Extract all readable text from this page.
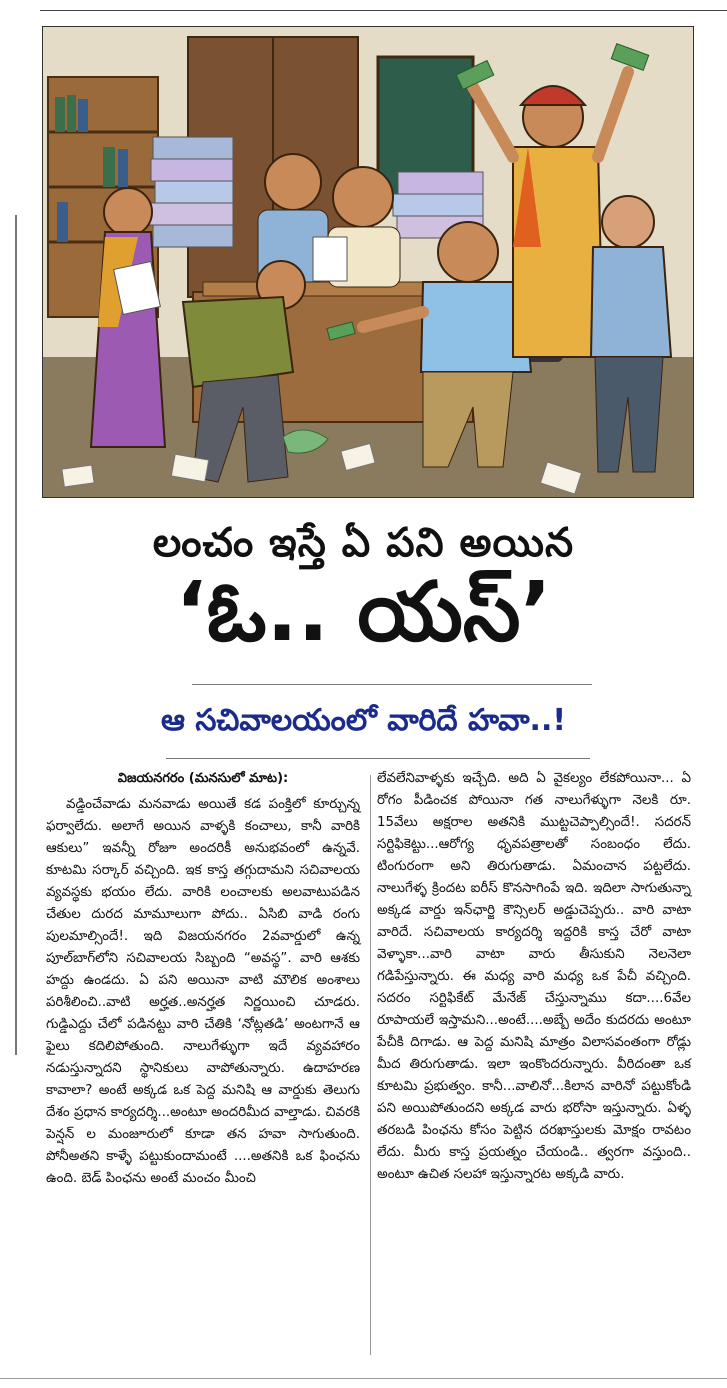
లంచం ఇస్తే ఏ పని అయిన
‘ఓ.. యస్’
ఆ సచివాలయంలో వారిదే హవా..!

విజయనగరం (మనసులో మాట):

వడ్డించేవాడు మనవాడు అయితే కడ పంక్తిలో కూర్చున్న ఫర్వాలేదు. అలాగే అయిన వాళ్ళకి కంచాలు, కానీ వారికి ఆకులు” ఇవన్నీ రోజూ అందరికీ అనుభవంలో ఉన్నవే. కూటమి సర్కార్ వచ్చింది. ఇక కాస్త తగ్గుదామని సచివాలయ వ్యవస్థకు భయం లేదు. వారికి లంచాలకు అలవాటుపడిన చేతుల దురద మామూలుగా పోదు.. ఏసిబి వాడి రంగు పులమాల్సిందే!. ఇది విజయనగరం 2వవార్డులో ఉన్న పూల్‌బాగ్‌లోని సచివాలయ సిబ్బంది “అవస్థ”. వారి ఆశకు హద్దు ఉండదు. ఏ పని అయినా వాటి మౌలిక అంశాలు పరిశీలించి..వాటి అర్హత..అనర్హత నిర్ణయించి చూడరు. గుడ్డిఎద్దు చేలో పడినట్టు వారి చేతికి ‘నోట్లతడి’ అంటగానే ఆ ఫైలు కదిలిపోతుంది. నాలుగేళ్ళుగా ఇదే వ్యవహారం నడుస్తున్నాదని స్థానికులు వాపోతున్నారు. ఉదాహరణ కావాలా? అంటే అక్కడ ఒక పెద్ద మనిషి ఆ వార్డుకు తెలుగు దేశం ప్రధాన కార్యదర్శి...అంటూ అందరిమీద వాల్తాడు. చివరకి పెన్షన్ ల మంజూరులో కూడా తన హవా సాగుతుంది. పోనీఅతని కాళ్ళే పట్టుకుందామంటే ....అతనికి ఒక ఫింఛను ఉంది. బెడ్ పింఛను అంటే మంచం మీంచి

లేవలేనివాళ్ళకు ఇచ్చేది. అది ఏ వైకల్యం లేకపోయినా... ఏ రోగం పీడించక పోయినా గత నాలుగేళ్ళుగా నెలకి రూ. 15వేలు అక్షరాల అతనికి ముట్టచెప్పాల్సిందే!. సదరన్ సర్టిఫికెట్టు...ఆరోగ్య ధృవపత్రాలతో సంబంధం లేదు. టింగురంగా అని తిరుగుతాడు. ఏమంచాన పట్టలేదు. నాలుగేళ్ళ క్రిందట ఐరీస్ కొనసాగింపే ఇది. ఇదిలా సాగుతున్నా అక్కడ వార్డు ఇన్‌ఛార్జి కౌన్సిలర్ అడ్డుచెప్పరు.. వారి వాటా వారిదే. సచివాలయ కార్యదర్శి ఇద్దరికి కాస్త చేరో వాటా వెళ్ళాకా...వారి వాటా వారు తీసుకుని నెలనెలా గడిపేస్తున్నారు. ఈ మధ్య వారి మధ్య ఒక పేచీ వచ్చింది. సదరం సర్టిఫికేట్ మేనేజ్ చేస్తున్నాము కదా....6వేల రూపాయలే ఇస్తామని...అంటే....అబ్బే అదేం కుదరదు అంటూ పేచీకి దిగాడు. ఆ పెద్ద మనిషి మాత్రం విలాసవంతంగా రోడ్లు మీద తిరుగుతాడు. ఇలా ఇంకొందరున్నారు. వీరిదంతా ఒక కూటమి ప్రభుత్వం. కానీ...వాలినో...కిలాన వారినో పట్టుకోండి పని అయిపోతుందని అక్కడ వారు భరోసా ఇస్తున్నారు. ఏళ్ళ తరబడి పింఛను కోసం పెట్టిన దరఖాస్తులకు మోక్షం రావటం లేదు. మీరు కాస్త ప్రయత్నం చేయండి.. త్వరగా వస్తుంది.. అంటూ ఉచిత సలహా ఇస్తున్నారట అక్కడి వారు.
